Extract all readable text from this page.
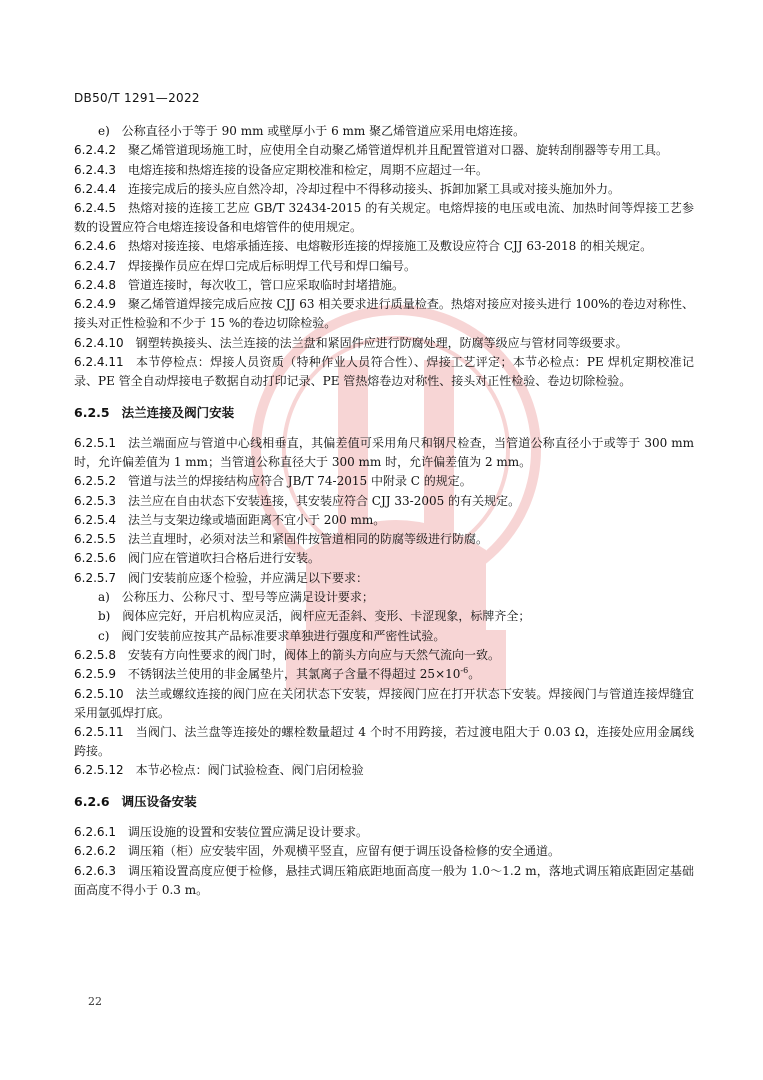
DB50/T 1291—2022
e) 公称直径小于等于 90 mm 或壁厚小于 6 mm 聚乙烯管道应采用电熔连接。
6.2.4.2 聚乙烯管道现场施工时，应使用全自动聚乙烯管道焊机并且配置管道对口器、旋转刮削器等专用工具。
6.2.4.3 电熔连接和热熔连接的设备应定期校准和检定，周期不应超过一年。
6.2.4.4 连接完成后的接头应自然冷却，冷却过程中不得移动接头、拆卸加紧工具或对接头施加外力。
6.2.4.5 热熔对接的连接工艺应 GB/T 32434-2015 的有关规定。电熔焊接的电压或电流、加热时间等焊接工艺参数的设置应符合电熔连接设备和电熔管件的使用规定。
6.2.4.6 热熔对接连接、电熔承插连接、电熔鞍形连接的焊接施工及敷设应符合 CJJ 63-2018 的相关规定。
6.2.4.7 焊接操作员应在焊口完成后标明焊工代号和焊口编号。
6.2.4.8 管道连接时，每次收工，管口应采取临时封堵措施。
6.2.4.9 聚乙烯管道焊接完成后应按 CJJ 63 相关要求进行质量检查。热熔对接应对接头进行 100%的卷边对称性、接头对正性检验和不少于 15 %的卷边切除检验。
6.2.4.10 钢塑转换接头、法兰连接的法兰盘和紧固件应进行防腐处理，防腐等级应与管材同等级要求。
6.2.4.11 本节停检点：焊接人员资质（特种作业人员符合性）、焊接工艺评定；本节必检点：PE 焊机定期校准记录、PE 管全自动焊接电子数据自动打印记录、PE 管热熔卷边对称性、接头对正性检验、卷边切除检验。
6.2.5 法兰连接及阀门安装
6.2.5.1 法兰端面应与管道中心线相垂直，其偏差值可采用角尺和钢尺检查，当管道公称直径小于或等于 300 mm 时，允许偏差值为 1 mm；当管道公称直径大于 300 mm 时，允许偏差值为 2 mm。
6.2.5.2 管道与法兰的焊接结构应符合 JB/T 74-2015 中附录 C 的规定。
6.2.5.3 法兰应在自由状态下安装连接，其安装应符合 CJJ 33-2005 的有关规定。
6.2.5.4 法兰与支架边缘或墙面距离不宜小于 200 mm。
6.2.5.5 法兰直埋时，必须对法兰和紧固件按管道相同的防腐等级进行防腐。
6.2.5.6 阀门应在管道吹扫合格后进行安装。
6.2.5.7 阀门安装前应逐个检验，并应满足以下要求：
a) 公称压力、公称尺寸、型号等应满足设计要求；
b) 阀体应完好，开启机构应灵活，阀杆应无歪斜、变形、卡涩现象，标牌齐全；
c) 阀门安装前应按其产品标准要求单独进行强度和严密性试验。
6.2.5.8 安装有方向性要求的阀门时，阀体上的箭头方向应与天然气流向一致。
6.2.5.9 不锈钢法兰使用的非金属垫片，其氯离子含量不得超过 $25\times 10^{-6}$。
6.2.5.10 法兰或螺纹连接的阀门应在关闭状态下安装，焊接阀门应在打开状态下安装。焊接阀门与管道连接焊缝宜采用氩弧焊打底。
6.2.5.11 当阀门、法兰盘等连接处的螺栓数量超过 4 个时不用跨接，若过渡电阻大于 0.03 Ω，连接处应用金属线跨接。
6.2.5.12 本节必检点：阀门试验检查、阀门启闭检验
6.2.6 调压设备安装
6.2.6.1 调压设施的设置和安装位置应满足设计要求。
6.2.6.2 调压箱（柜）应安装牢固，外观横平竖直，应留有便于调压设备检修的安全通道。
6.2.6.3 调压箱设置高度应便于检修，悬挂式调压箱底距地面高度一般为 1.0～1.2 m，落地式调压箱底距固定基础面高度不得小于 0.3 m。
22
